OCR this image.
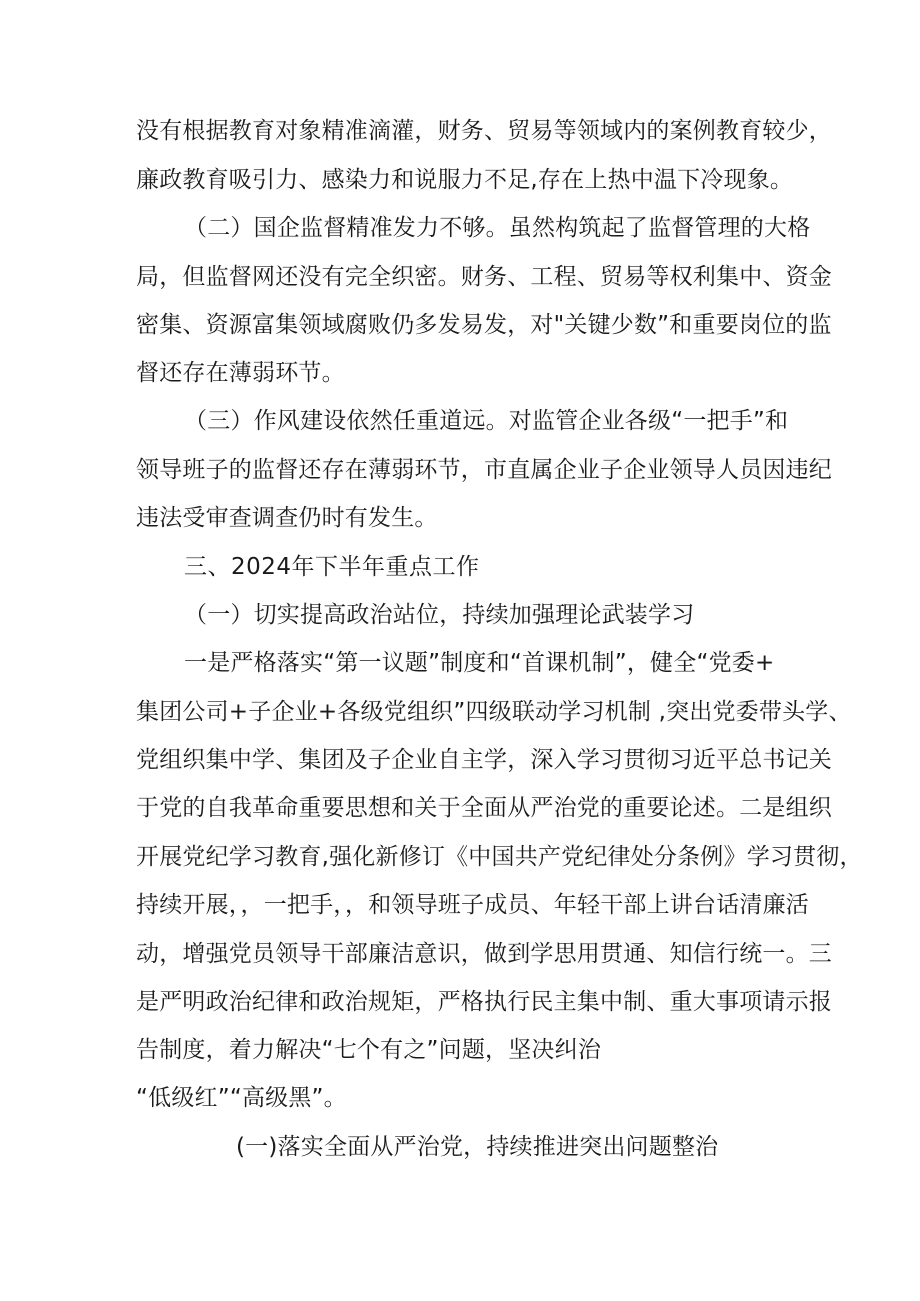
没有根据教育对象精准滴灌，财务、贸易等领域内的案例教育较少，
廉政教育吸引力、感染力和说服力不足,存在上热中温下冷现象。
（二）国企监督精准发力不够。虽然构筑起了监督管理的大格
局，但监督网还没有完全织密。财务、工程、贸易等权利集中、资金
密集、资源富集领域腐败仍多发易发，对"关键少数”和重要岗位的监
督还存在薄弱环节。
（三）作风建设依然任重道远。对监管企业各级“一把手”和
领导班子的监督还存在薄弱环节，市直属企业子企业领导人员因违纪
违法受审查调查仍时有发生。
三、2024年下半年重点工作
（一）切实提高政治站位，持续加强理论武装学习
一是严格落实“第一议题”制度和“首课机制”，健全“党委+
集团公司+子企业+各级党组织”四级联动学习机制 ,突出党委带头学、
党组织集中学、集团及子企业自主学，深入学习贯彻习近平总书记关
于党的自我革命重要思想和关于全面从严治党的重要论述。二是组织
开展党纪学习教育,强化新修订《中国共产党纪律处分条例》学习贯彻，
持续开展，，一把手，，和领导班子成员、年轻干部上讲台话清廉活
动，增强党员领导干部廉洁意识，做到学思用贯通、知信行统一。三
是严明政治纪律和政治规矩，严格执行民主集中制、重大事项请示报
告制度，着力解决“七个有之”问题，坚决纠治
“低级红”“高级黑”。
(一)落实全面从严治党，持续推进突出问题整治
